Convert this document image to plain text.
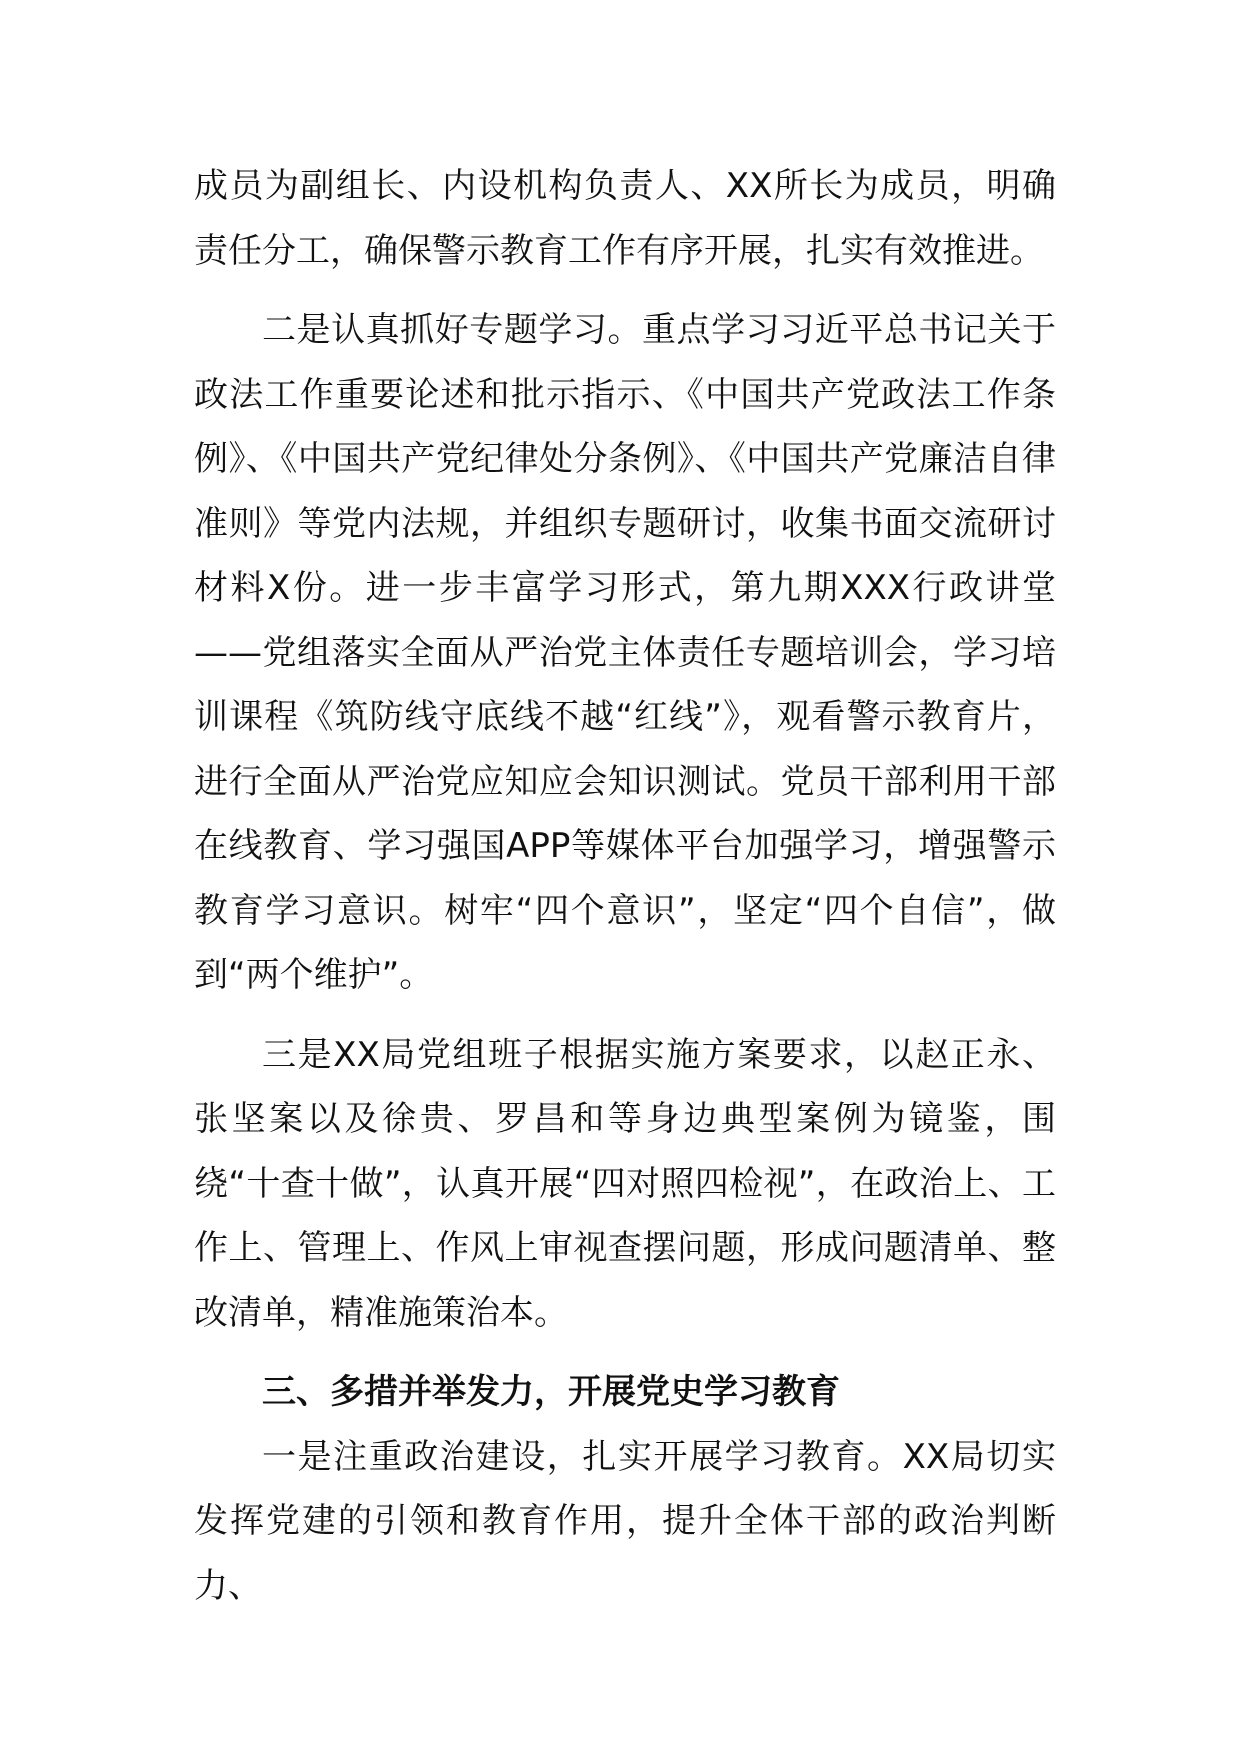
成员为副组长、内设机构负责人、XX所长为成员，明确责任分工，确保警示教育工作有序开展，扎实有效推进。

二是认真抓好专题学习。重点学习习近平总书记关于政法工作重要论述和批示指示、《中国共产党政法工作条例》、《中国共产党纪律处分条例》、《中国共产党廉洁自律准则》等党内法规，并组织专题研讨，收集书面交流研讨材料X份。进一步丰富学习形式，第九期XXX行政讲堂——党组落实全面从严治党主体责任专题培训会，学习培训课程《筑防线守底线不越“红线”》，观看警示教育片，进行全面从严治党应知应会知识测试。党员干部利用干部在线教育、学习强国APP等媒体平台加强学习，增强警示教育学习意识。树牢“四个意识”，坚定“四个自信”，做到“两个维护”。

三是XX局党组班子根据实施方案要求，以赵正永、张坚案以及徐贵、罗昌和等身边典型案例为镜鉴，围绕“十查十做”，认真开展“四对照四检视”，在政治上、工作上、管理上、作风上审视查摆问题，形成问题清单、整改清单，精准施策治本。

三、多措并举发力，开展党史学习教育

一是注重政治建设，扎实开展学习教育。XX局切实发挥党建的引领和教育作用，提升全体干部的政治判断力、
